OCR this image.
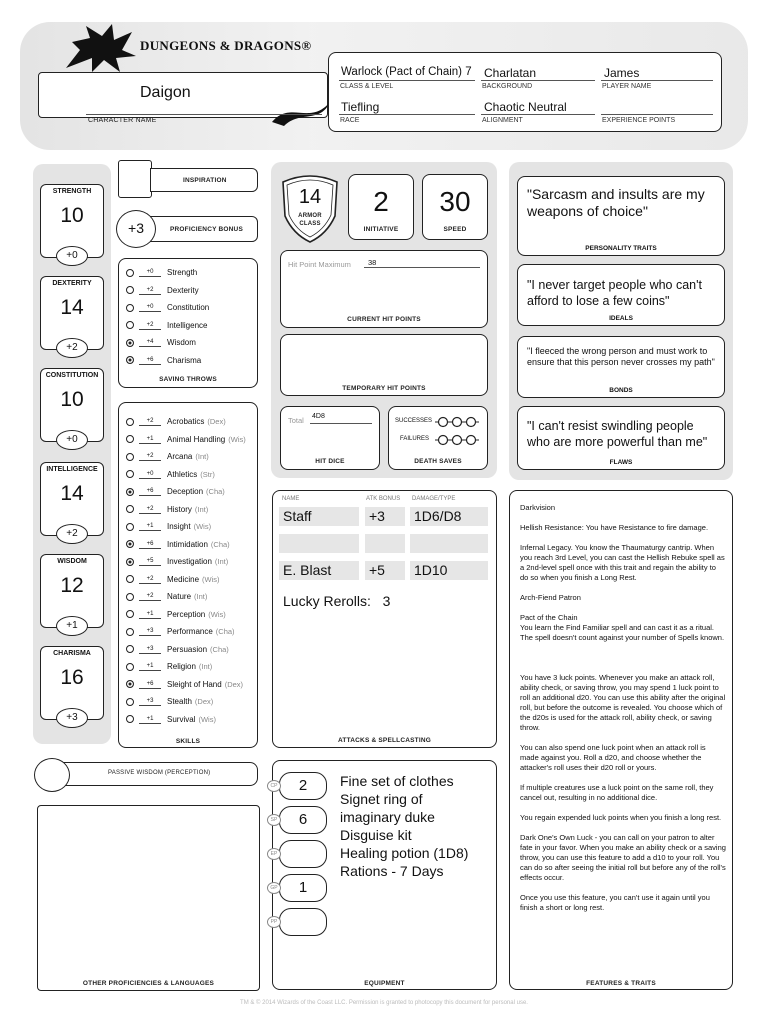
DUNGEONS & DRAGONS®
Daigon
CHARACTER NAME
Warlock (Pact of Chain) 7
CLASS & LEVEL
Charlatan
BACKGROUND
James
PLAYER NAME
Tiefling
RACE
Chaotic Neutral
ALIGNMENT	EXPERIENCE POINTS
STRENGTH
10
+0
DEXTERITY
14
+2
CONSTITUTION
10
+0
INTELLIGENCE
14
+2
WISDOM
12
+1
CHARISMA
16
+3
INSPIRATION
+3	PROFICIENCY BONUS
+0	Strength
+2	Dexterity
+0	Constitution
+2	Intelligence
+4	Wisdom
+6	Charisma
SAVING THROWS
+2	Acrobatics (Dex)
+1	Animal Handling (Wis)
+2	Arcana (Int)
+0	Athletics (Str)
+6	Deception (Cha)
+2	History (Int)
+1	Insight (Wis)
+6	Intimidation (Cha)
+5	Investigation (Int)
+2	Medicine (Wis)
+2	Nature (Int)
+1	Perception (Wis)
+3	Performance (Cha)
+3	Persuasion (Cha)
+1	Religion (Int)
+6	Sleight of Hand (Dex)
+3	Stealth (Dex)
+1	Survival (Wis)
SKILLS
PASSIVE WISDOM (PERCEPTION)
OTHER PROFICIENCIES & LANGUAGES
14
ARMOR CLASS
2
INITIATIVE
30
SPEED
Hit Point Maximum 38
CURRENT HIT POINTS
TEMPORARY HIT POINTS
Total 4D8
HIT DICE
SUCCESSES
FAILURES
DEATH SAVES
NAME	ATK BONUS DAMAGE/TYPE
Staff	+3	1D6/D8
E. Blast	+5	1D10
Lucky Rerolls:   3
ATTACKS & SPELLCASTING
2
CP
6
SP
EP
1
GP
PP
Fine set of clothes
Signet ring of
imaginary duke
Disguise kit
Healing potion (1D8)
Rations - 7 Days
EQUIPMENT
"Sarcasm and insults are my weapons of choice"
PERSONALITY TRAITS
"I never target people who can't afford to lose a few coins"
IDEALS
"I fleeced the wrong person and must work to ensure that this person never crosses my path"
BONDS
"I can't resist swindling people who are more powerful than me"
FLAWS
Darkvision
Hellish Resistance: You have Resistance to fire damage.
Infernal Legacy. You know the Thaumaturgy cantrip. When you reach 3rd Level, you can cast the Hellish Rebuke spell as a 2nd-level spell once with this trait and regain the ability to do so when you finish a Long Rest.
Arch-Fiend Patron
Pact of the Chain
You learn the Find Familiar spell and can cast it as a ritual. The spell doesn't count against your number of Spells known.
You have 3 luck points. Whenever you make an attack roll, ability check, or saving throw, you may spend 1 luck point to roll an additional d20. You can use this ability after the original roll, but before the outcome is revealed. You choose which of the d20s is used for the attack roll, ability check, or saving throw.
You can also spend one luck point when an attack roll is made against you. Roll a d20, and choose whether the attacker's roll uses their d20 roll or yours.
If multiple creatures use a luck point on the same roll, they cancel out, resulting in no additional dice.
You regain expended luck points when you finish a long rest.
Dark One's Own Luck - you can call on your patron to alter fate in your favor. When you make an ability check or a saving throw, you can use this feature to add a d10 to your roll. You can do so after seeing the initial roll but before any of the roll's effects occur.
Once you use this feature, you can't use it again until you finish a short or long rest.
FEATURES & TRAITS
TM & © 2014 Wizards of the Coast LLC. Permission is granted to photocopy this document for personal use.
